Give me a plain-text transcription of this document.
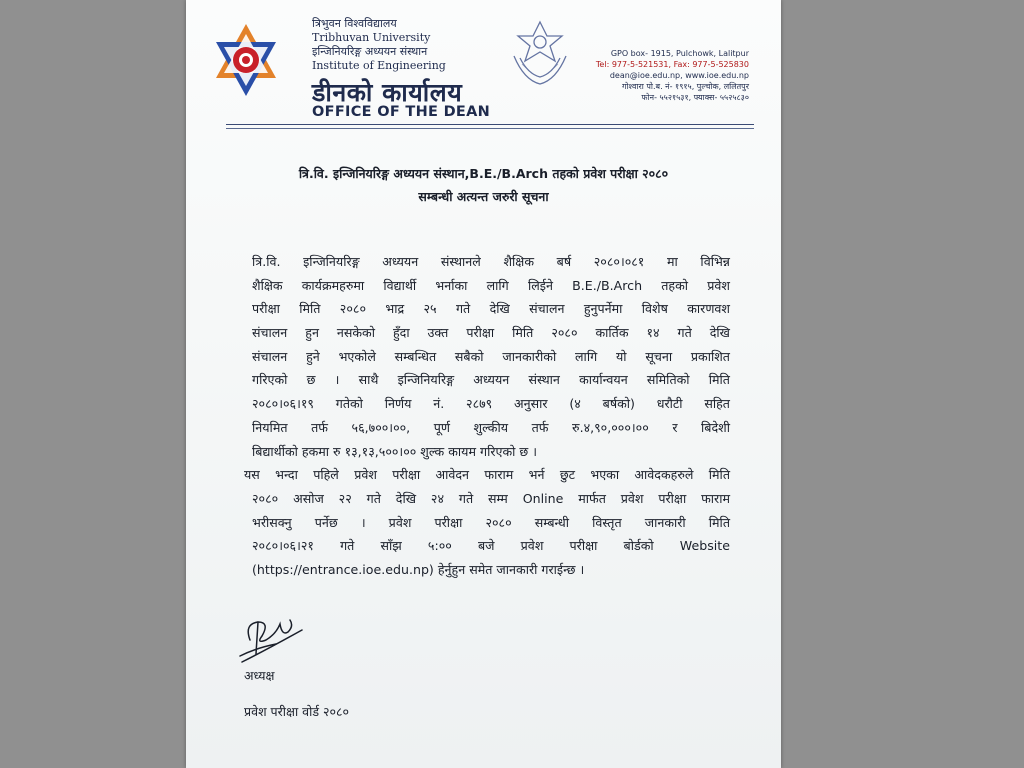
त्रिभुवन विश्वविद्यालय
Tribhuvan University
इन्जिनियरिङ्ग अध्ययन संस्थान
Institute of Engineering
डीनको कार्यालय
OFFICE OF THE DEAN
GPO box- 1915, Pulchowk, Lalitpur
Tel: 977-5-521531, Fax: 977-5-525830
dean@ioe.edu.np, www.ioe.edu.np
गोश्वारा पो.ब. नं- १९१५, पुल्चोक, ललितपुर
फोन- ५५२१५३१, फ्याक्स- ५५२५८३०
त्रि.वि. इन्जिनियरिङ्ग अध्ययन संस्थान,B.E./B.Arch तहको प्रवेश परीक्षा २०८०
सम्बन्धी अत्यन्त जरुरी सूचना
त्रि.वि. इन्जिनियरिङ्ग अध्ययन संस्थानले शैक्षिक बर्ष २०८०।०८१ मा विभिन्न
शैक्षिक कार्यक्रमहरुमा विद्यार्थी भर्नाका लागि लिईने B.E./B.Arch तहको प्रवेश
परीक्षा मिति २०८० भाद्र २५ गते देखि संचालन हुनुपर्नेमा विशेष कारणवश
संचालन हुन नसकेको हुँदा उक्त परीक्षा मिति २०८० कार्तिक १४ गते देखि
संचालन हुने भएकोले सम्बन्धित सबैको जानकारीको लागि यो सूचना प्रकाशित
गरिएको छ । साथै इन्जिनियरिङ्ग अध्ययन संस्थान कार्यान्वयन समितिको मिति
२०८०।०६।१९ गतेको निर्णय नं. २८७९ अनुसार (४ बर्षको) धरौटी सहित
नियमित तर्फ ५६,७००।००, पूर्ण शुल्कीय तर्फ रु.४,९०,०००।०० र बिदेशी
बिद्यार्थीको हकमा रु १३,१३,५००।०० शुल्क कायम गरिएको छ ।
यस भन्दा पहिले प्रवेश परीक्षा आवेदन फाराम भर्न छुट भएका आवेदकहरुले मिति
२०८० असोज २२ गते देखि २४ गते सम्म Online मार्फत प्रवेश परीक्षा फाराम
भरीसक्नु पर्नेछ । प्रवेश परीक्षा २०८० सम्बन्धी विस्तृत जानकारी मिति
२०८०।०६।२१ गते साँझ ५:०० बजे प्रवेश परीक्षा बोर्डको Website
(https://entrance.ioe.edu.np) हेर्नुहुन समेत जानकारी गराईन्छ ।
अध्यक्ष
प्रवेश परीक्षा वोर्ड २०८०
